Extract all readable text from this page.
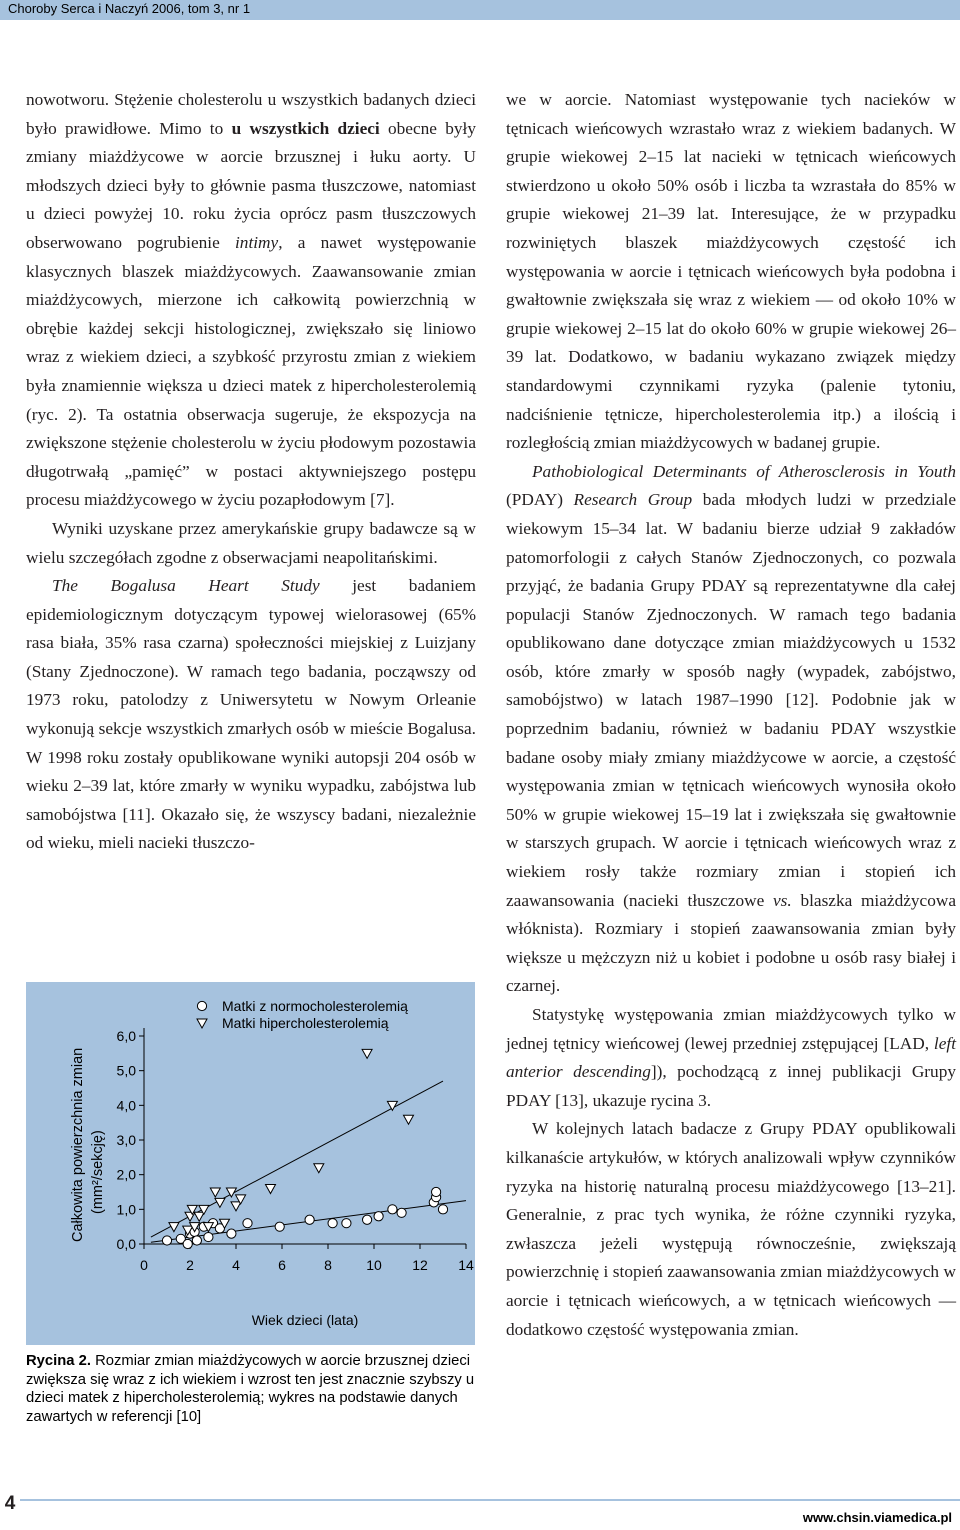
Choroby Serca i Naczyń 2006, tom 3, nr 1

nowotworu. Stężenie cholesterolu u wszystkich badanych dzieci było prawidłowe. Mimo to u wszystkich dzieci obecne były zmiany miażdżycowe w aorcie brzusznej i łuku aorty. U młodszych dzieci były to głównie pasma tłuszczowe, natomiast u dzieci powyżej 10. roku życia oprócz pasm tłuszczowych obserwowano pogrubienie intimy, a nawet występowanie klasycznych blaszek miażdżycowych. Zaawansowanie zmian miażdżycowych, mierzone ich całkowitą powierzchnią w obrębie każdej sekcji histologicznej, zwiększało się liniowo wraz z wiekiem dzieci, a szybkość przyrostu zmian z wiekiem była znamiennie większa u dzieci matek z hipercholesterolemią (ryc. 2). Ta ostatnia obserwacja sugeruje, że ekspozycja na zwiększone stężenie cholesterolu w życiu płodowym pozostawia długotrwałą „pamięć” w postaci aktywniejszego postępu procesu miażdżycowego w życiu pozapłodowym [7].

Wyniki uzyskane przez amerykańskie grupy badawcze są w wielu szczegółach zgodne z obserwacjami neapolitańskimi.

The Bogalusa Heart Study jest badaniem epidemiologicznym dotyczącym typowej wielorasowej (65% rasa biała, 35% rasa czarna) społeczności miejskiej z Luizjany (Stany Zjednoczone). W ramach tego badania, począwszy od 1973 roku, patolodzy z Uniwersytetu w Nowym Orleanie wykonują sekcje wszystkich zmarłych osób w mieście Bogalusa. W 1998 roku zostały opublikowane wyniki autopsji 204 osób w wieku 2–39 lat, które zmarły w wyniku wypadku, zabójstwa lub samobójstwa [11]. Okazało się, że wszyscy badani, niezależnie od wieku, mieli nacieki tłuszczo-

we w aorcie. Natomiast występowanie tych nacieków w tętnicach wieńcowych wzrastało wraz z wiekiem badanych. W grupie wiekowej 2–15 lat nacieki w tętnicach wieńcowych stwierdzono u około 50% osób i liczba ta wzrastała do 85% w grupie wiekowej 21–39 lat. Interesujące, że w przypadku rozwiniętych blaszek miażdżycowych częstość ich występowania w aorcie i tętnicach wieńcowych była podobna i gwałtownie zwiększała się wraz z wiekiem — od około 10% w grupie wiekowej 2–15 lat do około 60% w grupie wiekowej 26–39 lat. Dodatkowo, w badaniu wykazano związek między standardowymi czynnikami ryzyka (palenie tytoniu, nadciśnienie tętnicze, hipercholesterolemia itp.) a ilością i rozległością zmian miażdżycowych w badanej grupie.

Pathobiological Determinants of Atherosclerosis in Youth (PDAY) Research Group bada młodych ludzi w przedziale wiekowym 15–34 lat. W badaniu bierze udział 9 zakładów patomorfologii z całych Stanów Zjednoczonych, co pozwala przyjąć, że badania Grupy PDAY są reprezentatywne dla całej populacji Stanów Zjednoczonych. W ramach tego badania opublikowano dane dotyczące zmian miażdżycowych u 1532 osób, które zmarły w sposób nagły (wypadek, zabójstwo, samobójstwo) w latach 1987–1990 [12]. Podobnie jak w poprzednim badaniu, również w badaniu PDAY wszystkie badane osoby miały zmiany miażdżycowe w aorcie, a częstość występowania zmian w tętnicach wieńcowych wynosiła około 50% w grupie wiekowej 15–19 lat i zwiększała się gwałtownie w starszych grupach. W aorcie i tętnicach wieńcowych wraz z wiekiem rosły także rozmiary zmian i stopień ich zaawansowania (nacieki tłuszczowe vs. blaszka miażdżycowa włóknista). Rozmiary i stopień zaawansowania zmian były większe u mężczyzn niż u kobiet i podobne u osób rasy białej i czarnej.

Statystykę występowania zmian miażdżycowych tylko w jednej tętnicy wieńcowej (lewej przedniej zstępującej [LAD, left anterior descending]), pochodzącą z innej publikacji Grupy PDAY [13], ukazuje rycina 3.

W kolejnych latach badacze z Grupy PDAY opublikowali kilkanaście artykułów, w których analizowali wpływ czynników ryzyka na historię naturalną procesu miażdżycowego [13–21]. Generalnie, z prac tych wynika, że różne czynniki ryzyka, zwłaszcza jeżeli występują równocześnie, zwiększają powierzchnię i stopień zaawansowania zmian miażdżycowych w aorcie i tętnicach wieńcowych, a w tętnicach wieńcowych — dodatkowo częstość występowania zmian.

0,0
1,0
2,0
3,0
4,0
5,0
6,0
0	2	4	6	8 10 12 14
Wiek dzieci (lata)
Całkowita powierzchnia zmian (mm²/sekcję)
Matki z normocholesterolemią
Matki hipercholesterolemią
Rycina 2. Rozmiar zmian miażdżycowych w aorcie brzusznej dzieci zwiększa się wraz z ich wiekiem i wzrost ten jest znacznie szybszy u dzieci matek z hipercholesterolemią; wykres na podstawie danych zawartych w referencji [10]
4
www.chsin.viamedica.pl
